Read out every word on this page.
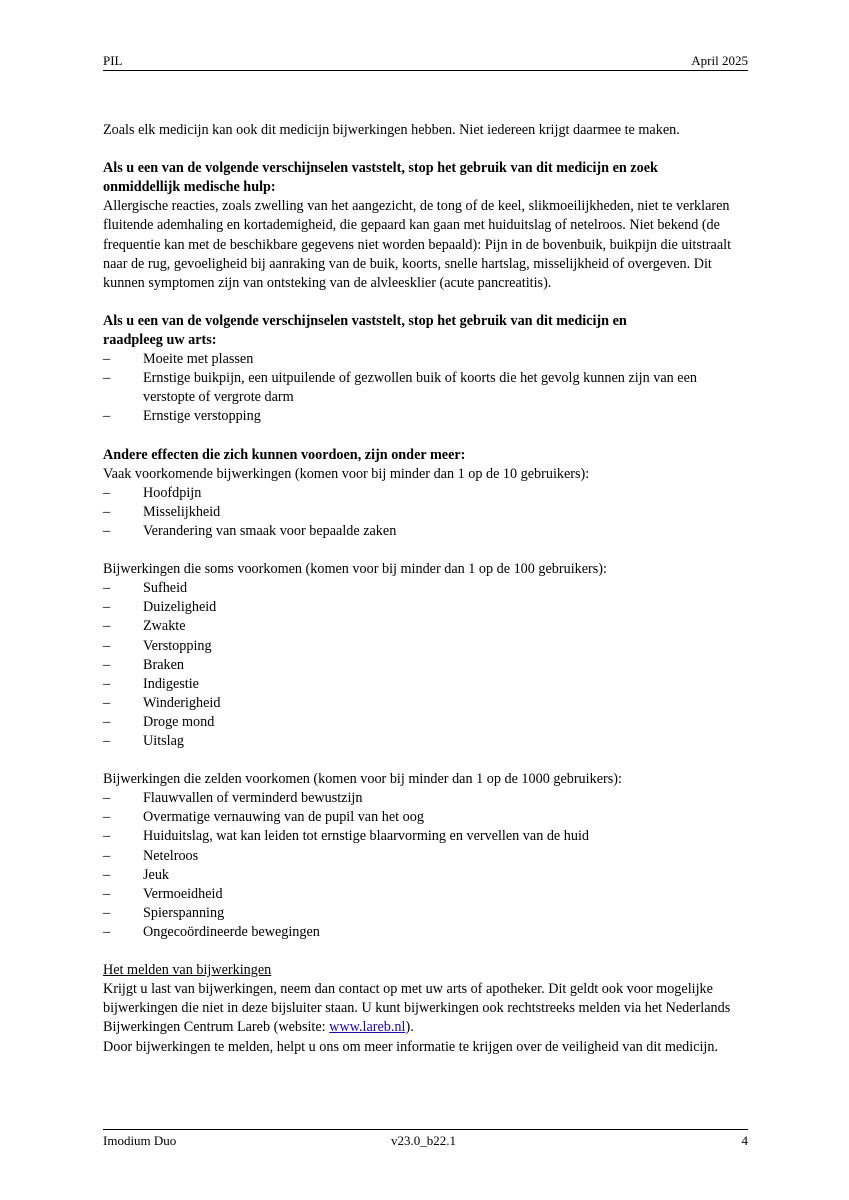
PIL	April 2025

Zoals elk medicijn kan ook dit medicijn bijwerkingen hebben. Niet iedereen krijgt daarmee te maken.

Als u een van de volgende verschijnselen vaststelt, stop het gebruik van dit medicijn en zoek
onmiddellijk medische hulp:

Allergische reacties, zoals zwelling van het aangezicht, de tong of de keel, slikmoeilijkheden, niet te verklaren fluitende ademhaling en kortademigheid, die gepaard kan gaan met huiduitslag of netelroos. Niet bekend (de frequentie kan met de beschikbare gegevens niet worden bepaald): Pijn in de bovenbuik, buikpijn die uitstraalt naar de rug, gevoeligheid bij aanraking van de buik, koorts, snelle hartslag, misselijkheid of overgeven. Dit kunnen symptomen zijn van ontsteking van de alvleesklier (acute pancreatitis).

Als u een van de volgende verschijnselen vaststelt, stop het gebruik van dit medicijn en
raadpleeg uw arts:

–	Moeite met plassen
–	Ernstige buikpijn, een uitpuilende of gezwollen buik of koorts die het gevolg kunnen zijn van een verstopte of vergrote darm
–	Ernstige verstopping

Andere effecten die zich kunnen voordoen, zijn onder meer:

Vaak voorkomende bijwerkingen (komen voor bij minder dan 1 op de 10 gebruikers):

–	Hoofdpijn
–	Misselijkheid
–	Verandering van smaak voor bepaalde zaken

Bijwerkingen die soms voorkomen (komen voor bij minder dan 1 op de 100 gebruikers):

–	Sufheid
–	Duizeligheid
–	Zwakte
–	Verstopping
–	Braken
–	Indigestie
–	Winderigheid
–	Droge mond
–	Uitslag

Bijwerkingen die zelden voorkomen (komen voor bij minder dan 1 op de 1000 gebruikers):

–	Flauwvallen of verminderd bewustzijn
–	Overmatige vernauwing van de pupil van het oog
–	Huiduitslag, wat kan leiden tot ernstige blaarvorming en vervellen van de huid
–	Netelroos
–	Jeuk
–	Vermoeidheid
–	Spierspanning
–	Ongecoördineerde bewegingen

Het melden van bijwerkingen

Krijgt u last van bijwerkingen, neem dan contact op met uw arts of apotheker. Dit geldt ook voor mogelijke bijwerkingen die niet in deze bijsluiter staan. U kunt bijwerkingen ook rechtstreeks melden via het Nederlands Bijwerkingen Centrum Lareb (website: www.lareb.nl).

Door bijwerkingen te melden, helpt u ons om meer informatie te krijgen over de veiligheid van dit medicijn.

Imodium Duo	v23.0_b22.1	4
